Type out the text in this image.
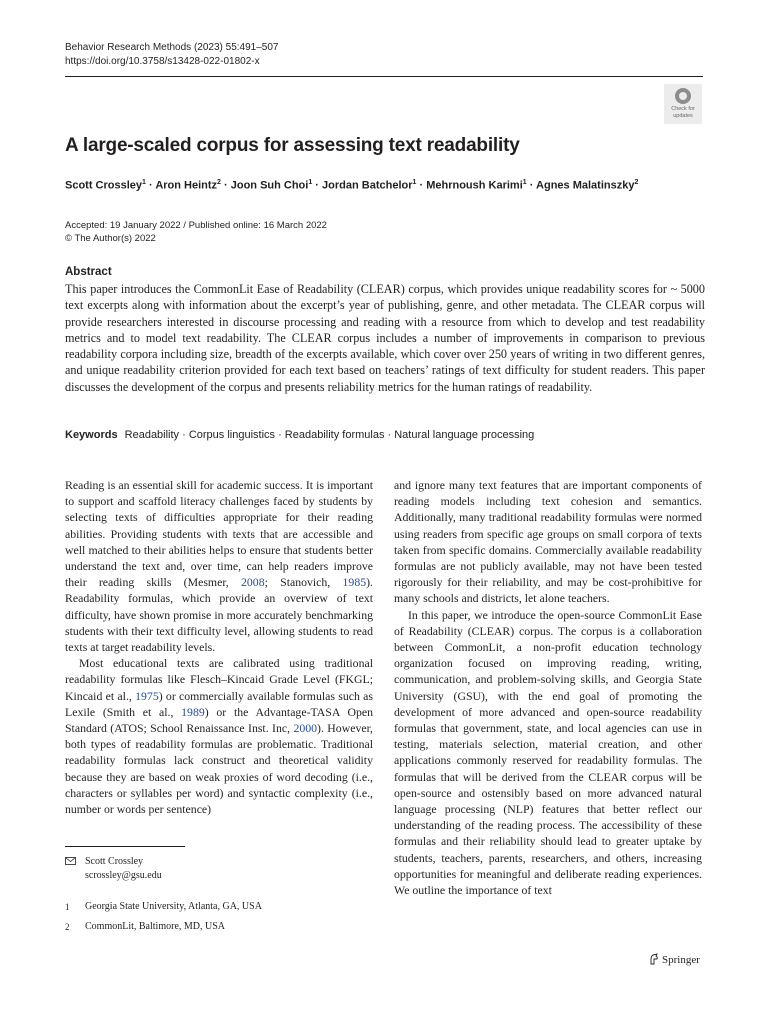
Behavior Research Methods (2023) 55:491–507
https://doi.org/10.3758/s13428-022-01802-x
Check for
updates
A large-scaled corpus for assessing text readability
Scott Crossley$^1$ · Aron Heintz$^2$ · Joon Suh Choi$^1$ · Jordan Batchelor$^1$ · Mehrnoush Karimi$^1$ · Agnes Malatinszky$^2$
Accepted: 19 January 2022 / Published online: 16 March 2022
© The Author(s) 2022
Abstract
This paper introduces the CommonLit Ease of Readability (CLEAR) corpus, which provides unique readability scores for ~ 5000 text excerpts along with information about the excerpt’s year of publishing, genre, and other metadata. The CLEAR corpus will provide researchers interested in discourse processing and reading with a resource from which to develop and test readability metrics and to model text readability. The CLEAR corpus includes a number of improvements in comparison to previous readability corpora including size, breadth of the excerpts available, which cover over 250 years of writing in two different genres, and unique readability criterion provided for each text based on teachers’ ratings of text difficulty for student readers. This paper discusses the development of the corpus and presents reliability metrics for the human ratings of readability.
Keywords Readability · Corpus linguistics · Readability formulas · Natural language processing

Reading is an essential skill for academic success. It is important to support and scaffold literacy challenges faced by students by selecting texts of difficulties appropriate for their reading abilities. Providing students with texts that are accessible and well matched to their abilities helps to ensure that students better understand the text and, over time, can help readers improve their reading skills (Mesmer, 2008; Stanovich, 1985). Readability formulas, which provide an overview of text difficulty, have shown promise in more accurately benchmarking students with their text difficulty level, allowing students to read texts at target readability levels.

Most educational texts are calibrated using traditional readability formulas like Flesch–Kincaid Grade Level (FKGL; Kincaid et al., 1975) or commercially available formulas such as Lexile (Smith et al., 1989) or the Advantage-TASA Open Standard (ATOS; School Renaissance Inst. Inc, 2000). However, both types of readability formulas are problematic. Traditional readability formulas lack construct and theoretical validity because they are based on weak proxies of word decoding (i.e., characters or syllables per word) and syntactic complexity (i.e., number or words per sentence)

and ignore many text features that are important components of reading models including text cohesion and semantics. Additionally, many traditional readability formulas were normed using readers from specific age groups on small corpora of texts taken from specific domains. Commercially available readability formulas are not publicly available, may not have been tested rigorously for their reliability, and may be cost-prohibitive for many schools and districts, let alone teachers.

In this paper, we introduce the open-source CommonLit Ease of Readability (CLEAR) corpus. The corpus is a collaboration between CommonLit, a non-profit education technology organization focused on improving reading, writing, communication, and problem-solving skills, and Georgia State University (GSU), with the end goal of promoting the development of more advanced and open-source readability formulas that government, state, and local agencies can use in testing, materials selection, material creation, and other applications commonly reserved for readability formulas. The formulas that will be derived from the CLEAR corpus will be open-source and ostensibly based on more advanced natural language processing (NLP) features that better reflect our understanding of the reading process. The accessibility of these formulas and their reliability should lead to greater uptake by students, teachers, parents, researchers, and others, increasing opportunities for meaningful and deliberate reading experiences. We outline the importance of text

Scott Crossley
scrossley@gsu.edu
1 Georgia State University, Atlanta, GA, USA
2 CommonLit, Baltimore, MD, USA
Springer
